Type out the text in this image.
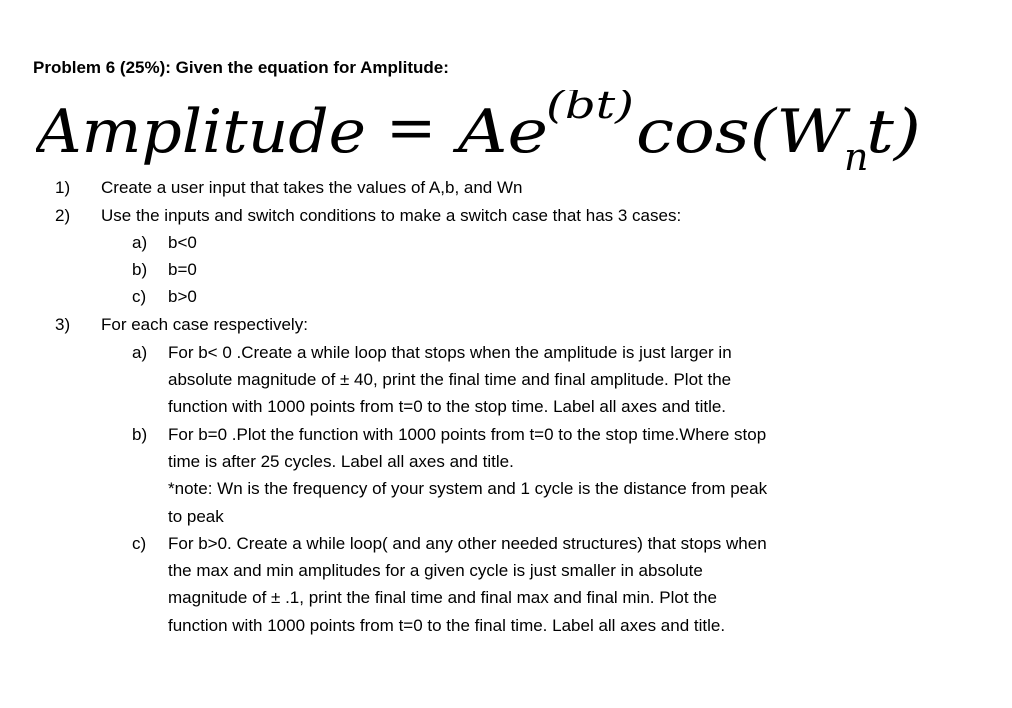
Problem 6 (25%): Given the equation for Amplitude:
Amplitude = Ae
(bt) cos(W
n
t)
1) Create a user input that takes the values of A,b, and Wn
2) Use the inputs and switch conditions to make a switch case that has 3 cases:
a) b<0
b) b=0
c) b>0
3) For each case respectively:
a) For b< 0 .Create a while loop that stops when the amplitude is just larger in
absolute magnitude of ± 40, print the final time and final amplitude. Plot the
function with 1000 points from t=0 to the stop time. Label all axes and title.
b) For b=0 .Plot the function with 1000 points from t=0 to the stop time.Where stop
time is after 25 cycles. Label all axes and title.
*note: Wn is the frequency of your system and 1 cycle is the distance from peak
to peak
c) For b>0. Create a while loop( and any other needed structures) that stops when
the max and min amplitudes for a given cycle is just smaller in absolute
magnitude of ± .1, print the final time and final max and final min. Plot the
function with 1000 points from t=0 to the final time. Label all axes and title.
